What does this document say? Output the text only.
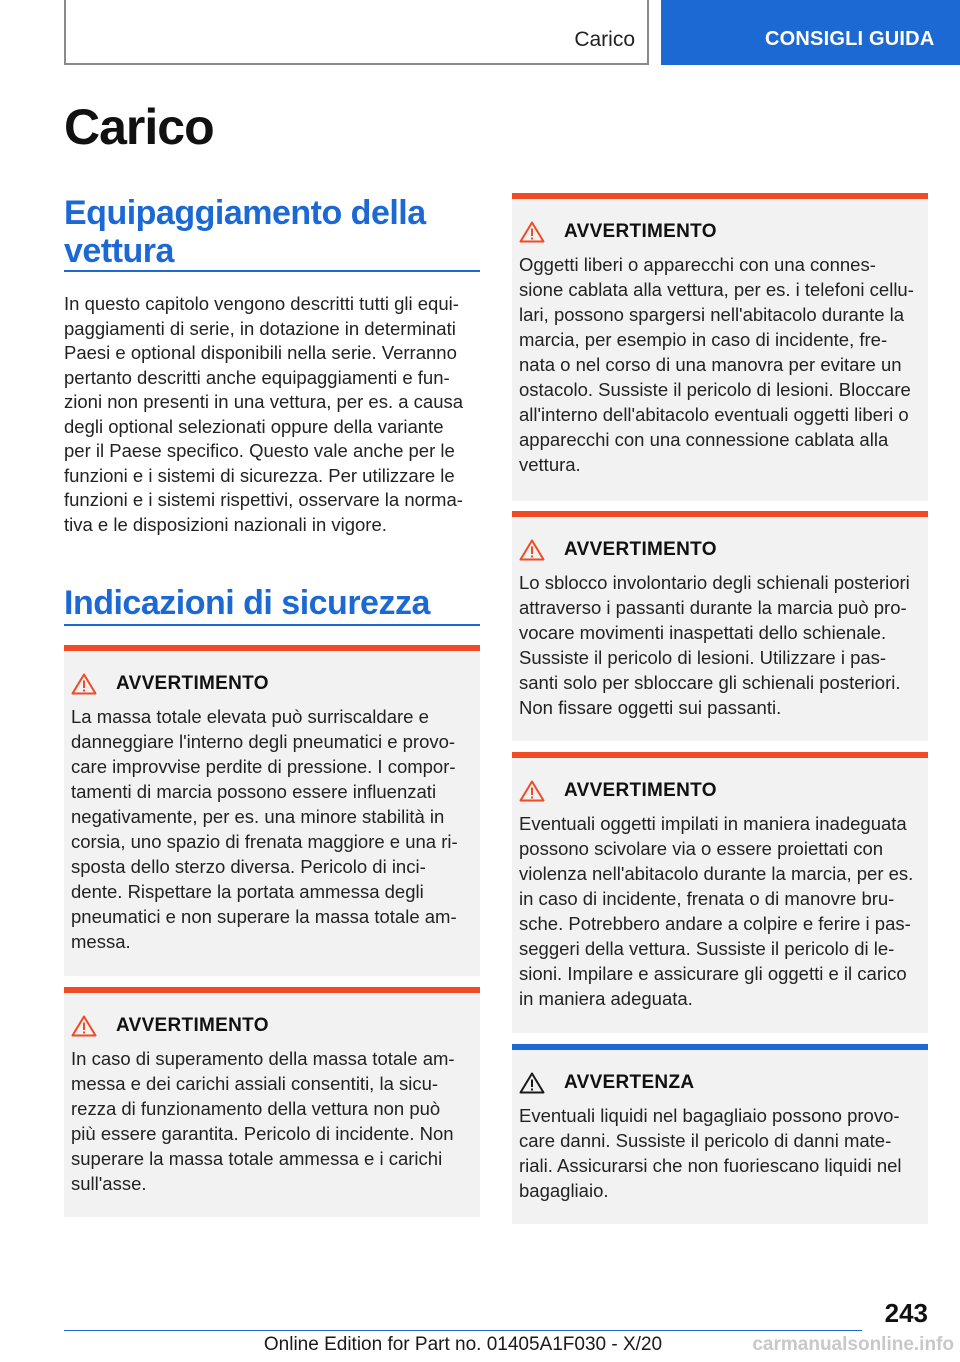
Carico	CONSIGLI GUIDA
Carico
Equipaggiamento della
vettura
In questo capitolo vengono descritti tutti gli equi-
paggiamenti di serie, in dotazione in determinati
Paesi e optional disponibili nella serie. Verranno
pertanto descritti anche equipaggiamenti e fun-
zioni non presenti in una vettura, per es. a causa
degli optional selezionati oppure della variante
per il Paese specifico. Questo vale anche per le
funzioni e i sistemi di sicurezza. Per utilizzare le
funzioni e i sistemi rispettivi, osservare la norma-
tiva e le disposizioni nazionali in vigore.
Indicazioni di sicurezza
AVVERTIMENTO
La massa totale elevata può surriscaldare e
danneggiare l'interno degli pneumatici e provo-
care improvvise perdite di pressione. I compor-
tamenti di marcia possono essere influenzati
negativamente, per es. una minore stabilità in
corsia, uno spazio di frenata maggiore e una ri-
sposta dello sterzo diversa. Pericolo di inci-
dente. Rispettare la portata ammessa degli
pneumatici e non superare la massa totale am-
messa.
AVVERTIMENTO
In caso di superamento della massa totale am-
messa e dei carichi assiali consentiti, la sicu-
rezza di funzionamento della vettura non può
più essere garantita. Pericolo di incidente. Non
superare la massa totale ammessa e i carichi
sull'asse.
AVVERTIMENTO
Oggetti liberi o apparecchi con una connes-
sione cablata alla vettura, per es. i telefoni cellu-
lari, possono spargersi nell'abitacolo durante la
marcia, per esempio in caso di incidente, fre-
nata o nel corso di una manovra per evitare un
ostacolo. Sussiste il pericolo di lesioni. Bloccare
all'interno dell'abitacolo eventuali oggetti liberi o
apparecchi con una connessione cablata alla
vettura.
AVVERTIMENTO
Lo sblocco involontario degli schienali posteriori
attraverso i passanti durante la marcia può pro-
vocare movimenti inaspettati dello schienale.
Sussiste il pericolo di lesioni. Utilizzare i pas-
santi solo per sbloccare gli schienali posteriori.
Non fissare oggetti sui passanti.
AVVERTIMENTO
Eventuali oggetti impilati in maniera inadeguata
possono scivolare via o essere proiettati con
violenza nell'abitacolo durante la marcia, per es.
in caso di incidente, frenata o di manovre bru-
sche. Potrebbero andare a colpire e ferire i pas-
seggeri della vettura. Sussiste il pericolo di le-
sioni. Impilare e assicurare gli oggetti e il carico
in maniera adeguata.
AVVERTENZA
Eventuali liquidi nel bagagliaio possono provo-
care danni. Sussiste il pericolo di danni mate-
riali. Assicurarsi che non fuoriescano liquidi nel
bagagliaio.
243
Online Edition for Part no. 01405A1F030 - X/20	carmanualsonline.info
